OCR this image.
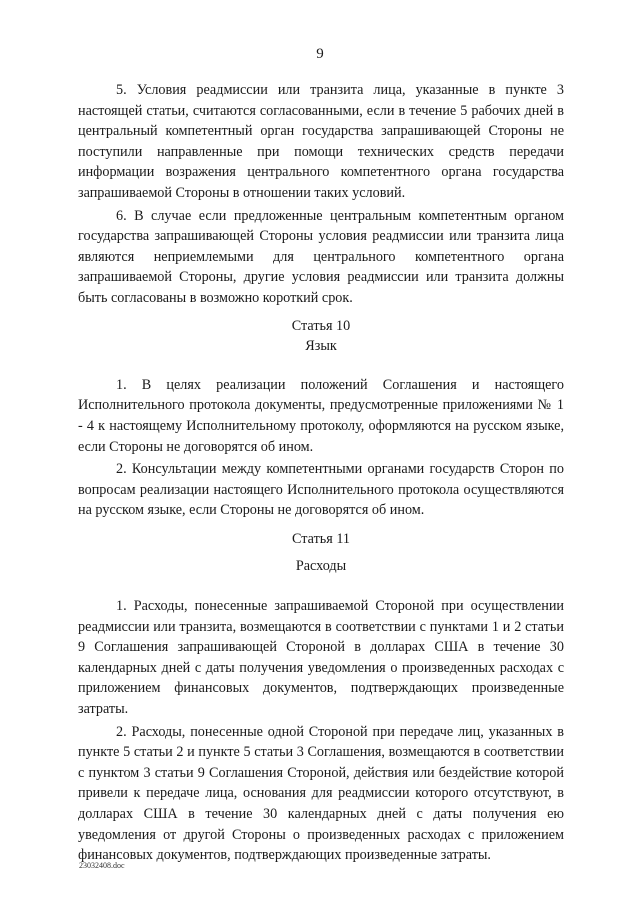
9

5. Условия реадмиссии или транзита лица, указанные в пункте 3 настоящей статьи, считаются согласованными, если в течение 5 рабочих дней в центральный компетентный орган государства запрашивающей Стороны не поступили направленные при помощи технических средств передачи информации возражения центрального компетентного органа государства запрашиваемой Стороны в отношении таких условий.

6. В случае если предложенные центральным компетентным органом государства запрашивающей Стороны условия реадмиссии или транзита лица являются неприемлемыми для центрального компетентного органа запрашиваемой Стороны, другие условия реадмиссии или транзита должны быть согласованы в возможно короткий срок.

Статья 10

Язык

1. В целях реализации положений Соглашения и настоящего Исполнительного протокола документы, предусмотренные приложениями № 1 - 4 к настоящему Исполнительному протоколу, оформляются на русском языке, если Стороны не договорятся об ином.

2. Консультации между компетентными органами государств Сторон по вопросам реализации настоящего Исполнительного протокола осуществляются на русском языке, если Стороны не договорятся об ином.

Статья 11

Расходы

1. Расходы, понесенные запрашиваемой Стороной при осуществлении реадмиссии или транзита, возмещаются в соответствии с пунктами 1 и 2 статьи 9 Соглашения запрашивающей Стороной в долларах США в течение 30 календарных дней с даты получения уведомления о произведенных расходах с приложением финансовых документов, подтверждающих произведенные затраты.

2. Расходы, понесенные одной Стороной при передаче лиц, указанных в пункте 5 статьи 2 и пункте 5 статьи 3 Соглашения, возмещаются в соответствии с пунктом 3 статьи 9 Соглашения Стороной, действия или бездействие которой привели к передаче лица, основания для реадмиссии которого отсутствуют, в долларах США в течение 30 календарных дней с даты получения ею уведомления от другой Стороны о произведенных расходах с приложением финансовых документов, подтверждающих произведенные затраты.

23032408.doc
